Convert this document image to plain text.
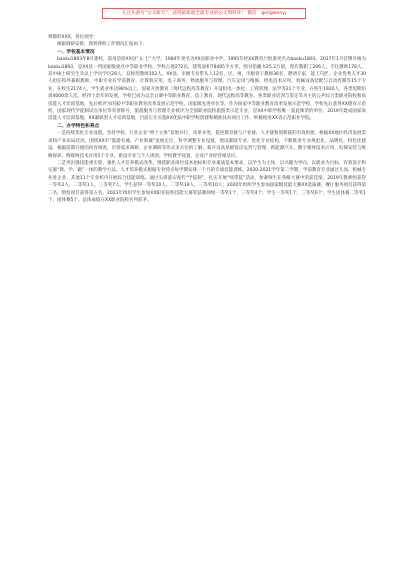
关注头条号“公文研究”，获得最新最全最专业的公文资料库！ 微信：gongwenyj

尊敬的XXX，各位领导：

根据调研安排，现将我校工作情况汇报如下：

一、学校基本情况

baoku1893年8月建校，前身是原XX县“五·七”大学，1984年更名为XX县职业中学，1995年经XX教育厅批准更名为baoku1893，2017年1月挂牌升格为baoku1893，是XX县一所国家级重点中等职业学校。学校占地272亩，建筑面积78405平方米，图书馆藏书25.2万册，现有教职工206人，专任教师178人，其中硕士研究生及以上学历学历28人，双师型教师102人，XX县、市级专业带头人12名，区、州、市级骨干教师36名，聘请专家、能工巧匠、企业优秀人才30人担任校外兼职教师，中职专业有学前教育、计算机应用、电子商务、物流服务与管理、汽车运用与维修、机电技术应用、机械设备装配与自动控制等15个专业，在校生2174人，学生就业率达98%以上，国家开放教育（现代远程高等教育）开设机电一体化、工商管理、法学等21个专业，在校生1920人，各类短期培训4000余人次。经四十余年的发展，学校已成为以全日制中等职业教育、技工教育、现代远程高等教育、各类职业培训与鉴定等为主的公共综合类职业院校和高技能人才培训基地，先后被评为国家中等职业教育改革发展示范学校、国家级先进单位等。作为国家中等职业教育改革发展示范学校，学校先后获得XX德育示范校、国家现代学徒制试点单位等荣誉称号，旅游服务与管理专业被评为全国职业院校旅游类示范专业，是XX中职学校唯一获此殊荣的单位。2019年建成国家高技能人才培训基地，XX紧缺型人才培训基地，目前正在实施XX优质中职学校创建和精准扶贫项目工作，积极推进XX省示范职业学院。

二、办学特色和亮点

一是持续优化专业设置。坚持学校、行业企业“两个主体”发展并行、改革并进，促进教育链与产业链、人才链和创新链的有效衔接，根据XX地区经济发展需求和产业布局状况，围绕XX市“旅游名城、产业新城”发展定位，科学调整专业设置，增设紧缺专业、优化专业结构，不断推进专业规范化、品牌化、特色化建设。根据前期开展的问卷调查、市场需求调研，企业调研等形式多方位的了解，新开设高星级饭店运营与管理、新能源汽车、数字媒体技术应用、电梯安装与维修保养、物联网技术应用5个专业，新设专业与个人规划、学校教学设置，企业产业经营相适应。

二是突出强技能重实训，强化人才培养模式改革。围绕职业岗位技术指标和专业素质基本要求，以学生为主体，以兴趣为导向，以就业为目标，有效设计和实施“教、学、做”一体的教学方法。人才培养模式根据专业特点每学期安排一个月的专项技能训练。2020-2021学年第二学期，学前教育专业通过儿园、机械专业进企业、其他11个专业校内开展综合技能训练。通过实训落实现代“学徒制”，扎实开展“师带徒”活动，参赛师生在各级大赛中荣获佳绩。2019年教师组获得一等奖2人，二等奖1人，三等奖7人，学生获得一等奖10人，二等奖19人，三等奖10人；2020年组织学生参加国家级技能大赛XX选拔赛，餐厅服务项目获得第二名，烘焙项目获得第五名，2021年组织学生参加XX职业院校技能大赛荣获教师组一等奖1个，三等奖4个；学生一等奖1个，三等奖6个；学生团体赛二等奖1个，团体赛5个。总体成绩在XX职业院校名列前茅。
